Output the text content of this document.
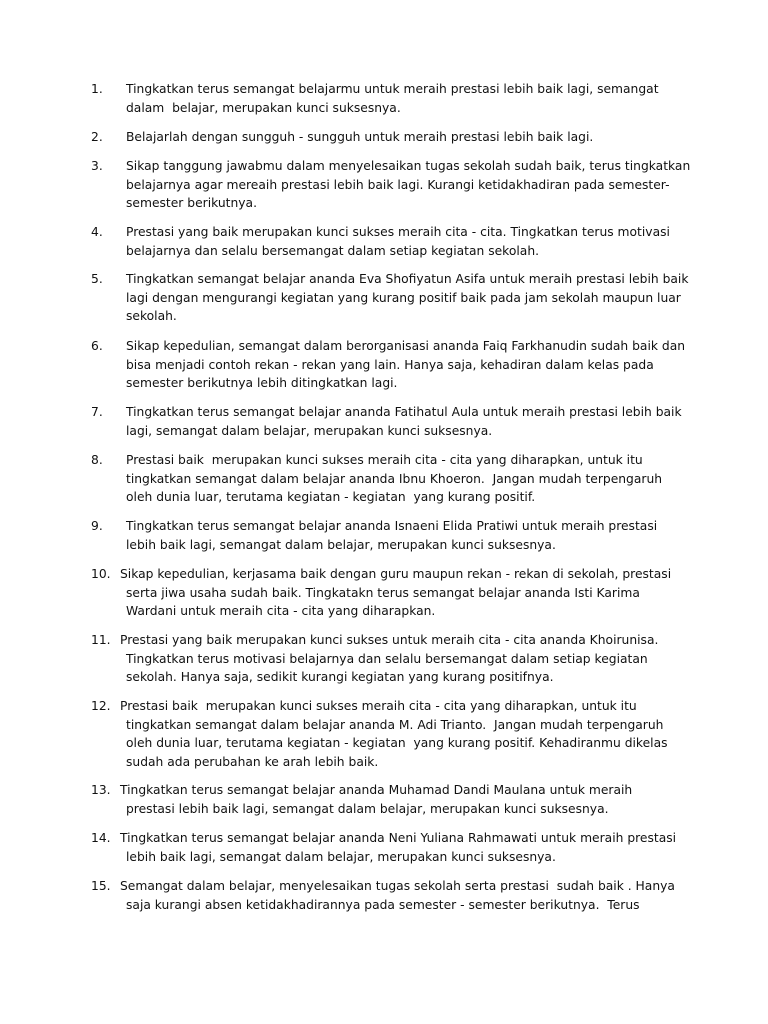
1. Tingkatkan terus semangat belajarmu untuk meraih prestasi lebih baik lagi, semangat
dalam  belajar, merupakan kunci suksesnya.
2. Belajarlah dengan sungguh - sungguh untuk meraih prestasi lebih baik lagi.
3. Sikap tanggung jawabmu dalam menyelesaikan tugas sekolah sudah baik, terus tingkatkan
belajarnya agar mereaih prestasi lebih baik lagi. Kurangi ketidakhadiran pada semester-
semester berikutnya.
4. Prestasi yang baik merupakan kunci sukses meraih cita - cita. Tingkatkan terus motivasi
belajarnya dan selalu bersemangat dalam setiap kegiatan sekolah.
5. Tingkatkan semangat belajar ananda Eva Shofiyatun Asifa untuk meraih prestasi lebih baik
lagi dengan mengurangi kegiatan yang kurang positif baik pada jam sekolah maupun luar
sekolah.
6. Sikap kepedulian, semangat dalam berorganisasi ananda Faiq Farkhanudin sudah baik dan
bisa menjadi contoh rekan - rekan yang lain. Hanya saja, kehadiran dalam kelas pada
semester berikutnya lebih ditingkatkan lagi.
7. Tingkatkan terus semangat belajar ananda Fatihatul Aula untuk meraih prestasi lebih baik
lagi, semangat dalam belajar, merupakan kunci suksesnya.
8. Prestasi baik  merupakan kunci sukses meraih cita - cita yang diharapkan, untuk itu
tingkatkan semangat dalam belajar ananda Ibnu Khoeron.  Jangan mudah terpengaruh
oleh dunia luar, terutama kegiatan - kegiatan  yang kurang positif.
9. Tingkatkan terus semangat belajar ananda Isnaeni Elida Pratiwi untuk meraih prestasi
lebih baik lagi, semangat dalam belajar, merupakan kunci suksesnya.
10. Sikap kepedulian, kerjasama baik dengan guru maupun rekan - rekan di sekolah, prestasi
serta jiwa usaha sudah baik. Tingkatakn terus semangat belajar ananda Isti Karima
Wardani untuk meraih cita - cita yang diharapkan.
11. Prestasi yang baik merupakan kunci sukses untuk meraih cita - cita ananda Khoirunisa.
Tingkatkan terus motivasi belajarnya dan selalu bersemangat dalam setiap kegiatan
sekolah. Hanya saja, sedikit kurangi kegiatan yang kurang positifnya.
12. Prestasi baik  merupakan kunci sukses meraih cita - cita yang diharapkan, untuk itu
tingkatkan semangat dalam belajar ananda M. Adi Trianto.  Jangan mudah terpengaruh
oleh dunia luar, terutama kegiatan - kegiatan  yang kurang positif. Kehadiranmu dikelas
sudah ada perubahan ke arah lebih baik.
13. Tingkatkan terus semangat belajar ananda Muhamad Dandi Maulana untuk meraih
prestasi lebih baik lagi, semangat dalam belajar, merupakan kunci suksesnya.
14. Tingkatkan terus semangat belajar ananda Neni Yuliana Rahmawati untuk meraih prestasi
lebih baik lagi, semangat dalam belajar, merupakan kunci suksesnya.
15. Semangat dalam belajar, menyelesaikan tugas sekolah serta prestasi  sudah baik . Hanya
saja kurangi absen ketidakhadirannya pada semester - semester berikutnya.  Terus
